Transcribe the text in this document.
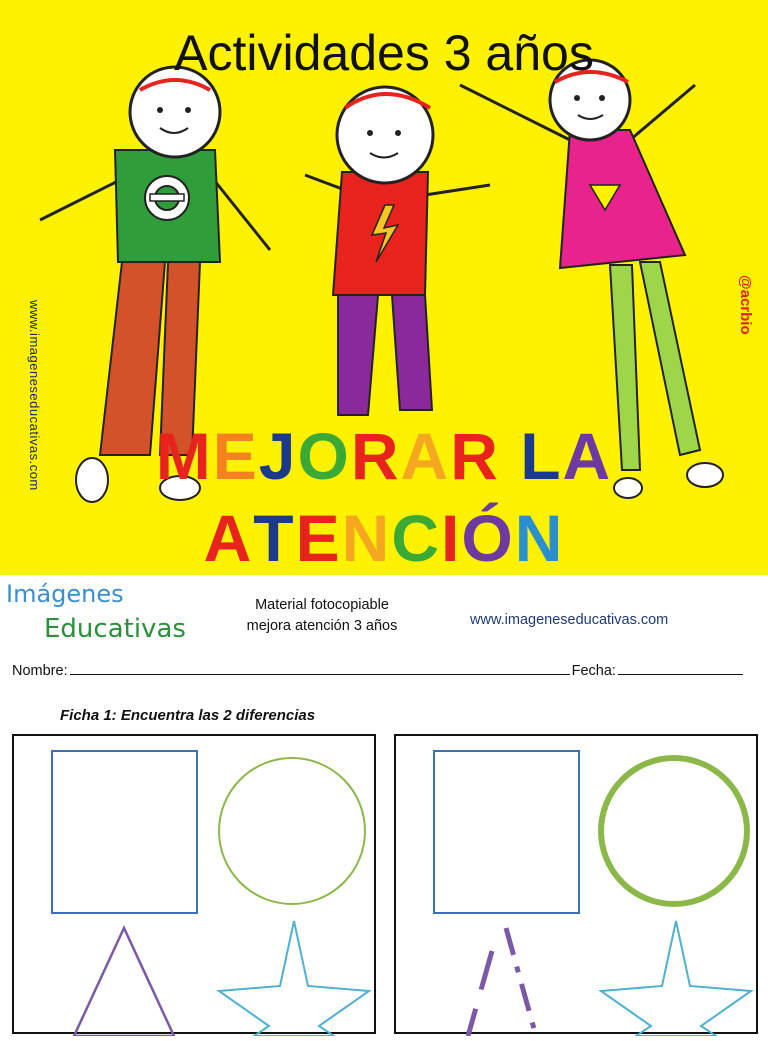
Actividades 3 años
www.imageneseducativas.com	@acrbio
MEJORAR LA
ATENCIÓN
Imágenes
Educativas
Material fotocopiable
mejora atención 3 años	www.imageneseducativas.com
Nombre:	Fecha:
Ficha 1: Encuentra las 2 diferencias
